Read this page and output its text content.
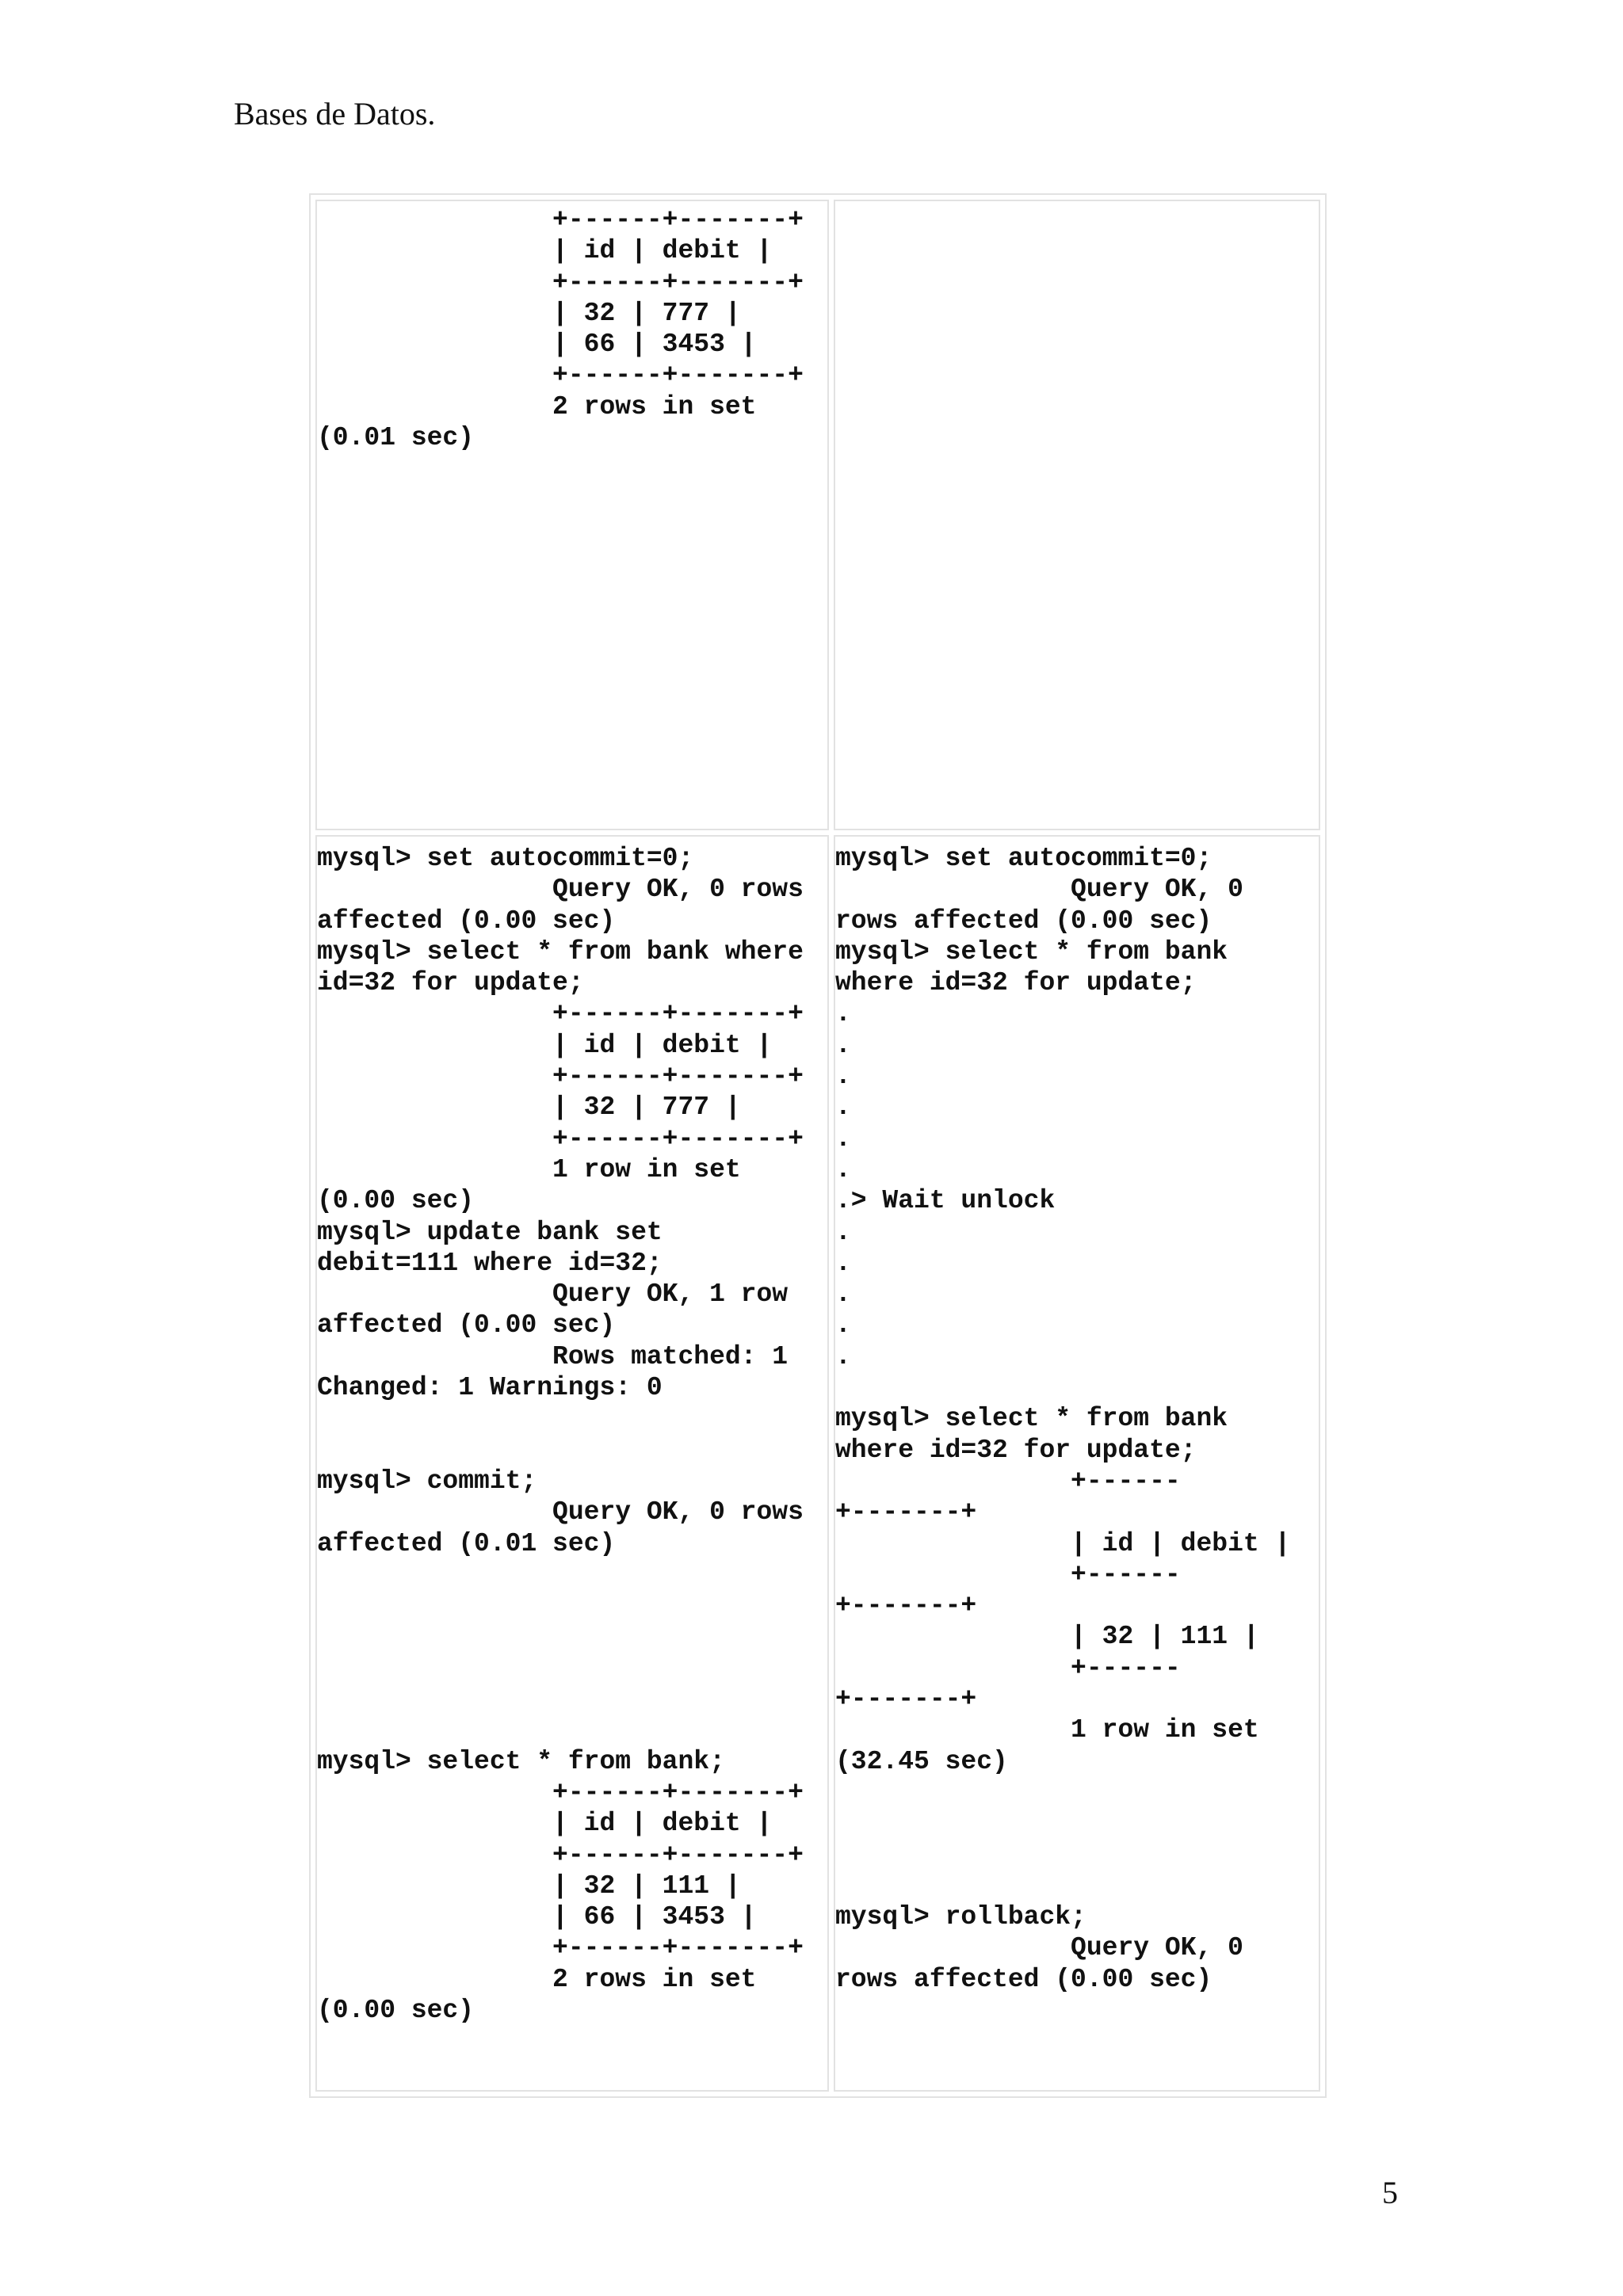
Bases de Datos.
+------+-------+
| id | debit |
+------+-------+
| 32 | 777 |
| 66 | 3453 |
+------+-------+
2 rows in set
(0.01 sec)
mysql> set autocommit=0;
Query OK, 0 rows
affected (0.00 sec)
mysql> select * from bank where
id=32 for update;
+------+-------+
| id | debit |
+------+-------+
| 32 | 777 |
+------+-------+
1 row in set
(0.00 sec)
mysql> update bank set
debit=111 where id=32;
Query OK, 1 row
affected (0.00 sec)
Rows matched: 1
Changed: 1 Warnings: 0

mysql> commit;
Query OK, 0 rows
affected (0.01 sec)

mysql> select * from bank;
+------+-------+
| id | debit |
+------+-------+
| 32 | 111 |
| 66 | 3453 |
+------+-------+
2 rows in set
(0.00 sec)
mysql> set autocommit=0;
Query OK, 0
rows affected (0.00 sec)
mysql> select * from bank
where id=32 for update;
.
.
.
.
.
.
.> Wait unlock
.
.
.
.
.

mysql> select * from bank
where id=32 for update;
+------
+-------+
| id | debit |
+------
+-------+
| 32 | 111 |
+------
+-------+
1 row in set
(32.45 sec)

mysql> rollback;
Query OK, 0
rows affected (0.00 sec)
5
